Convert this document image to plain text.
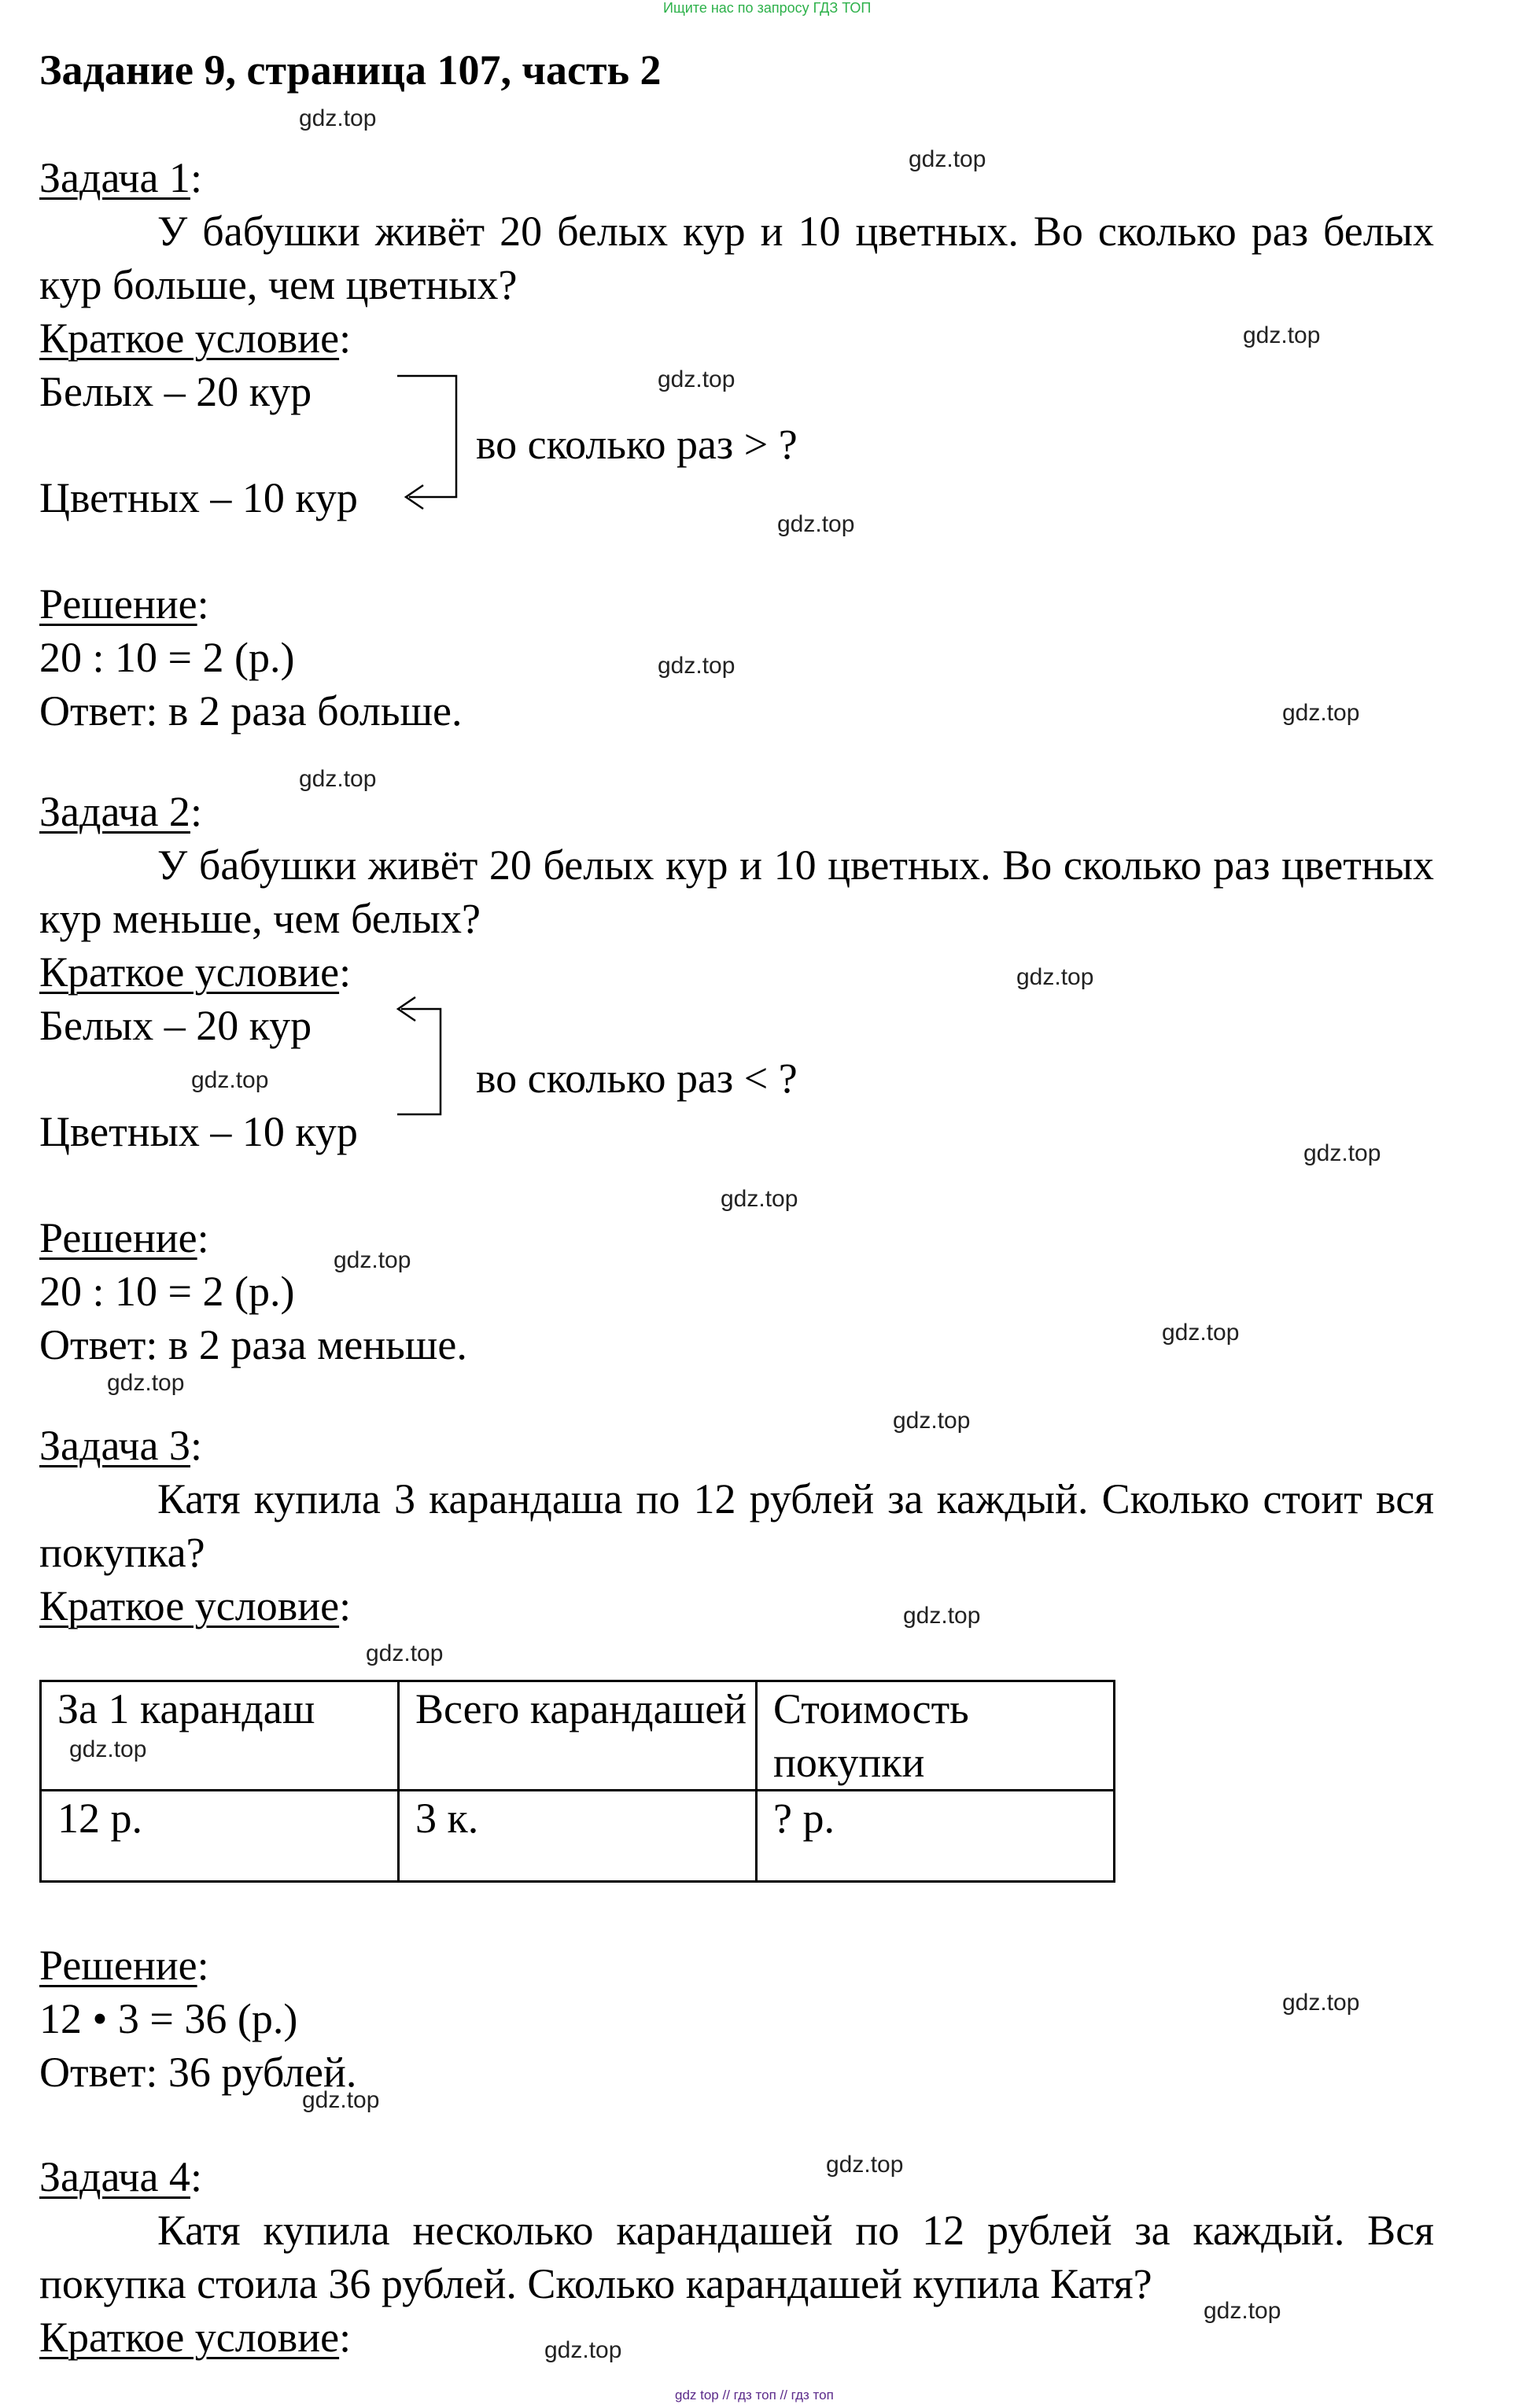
Ищите нас по запросу ГДЗ ТОП
Задание 9, страница 107, часть 2
Задача 1:
У бабушки живёт 20 белых кур и 10 цветных. Во сколько раз белых кур больше, чем цветных?
Краткое условие:
Белых – 20 кур
Цветных – 10 кур
во сколько раз > ?
Решение:
20 : 10 = 2 (р.)
Ответ: в 2 раза больше.
Задача 2:
У бабушки живёт 20 белых кур и 10 цветных. Во сколько раз цветных кур меньше, чем белых?
Краткое условие:
Белых – 20 кур
Цветных – 10 кур
во сколько раз < ?
Решение:
20 : 10 = 2 (р.)
Ответ: в 2 раза меньше.
Задача 3:
Катя купила 3 карандаша по 12 рублей за каждый. Сколько стоит вся покупка?
Краткое условие:
За 1 карандаш	Всего карандашей	Стоимость покупки
12 р.	3 к.	? р.
Решение:
12 • 3 = 36 (р.)
Ответ: 36 рублей.
Задача 4:
Катя купила несколько карандашей по 12 рублей за каждый. Вся покупка стоила 36 рублей. Сколько карандашей купила Катя?
Краткое условие:
gdz.top
gdz.top
gdz.top
gdz.top
gdz.top
gdz.top
gdz.top
gdz.top
gdz.top
gdz.top
gdz.top
gdz.top
gdz.top
gdz.top
gdz.top
gdz.top
gdz.top
gdz.top
gdz.top
gdz.top
gdz.top
gdz.top
gdz.top
gdz.top
gdz top // гдз топ // гдз топ
